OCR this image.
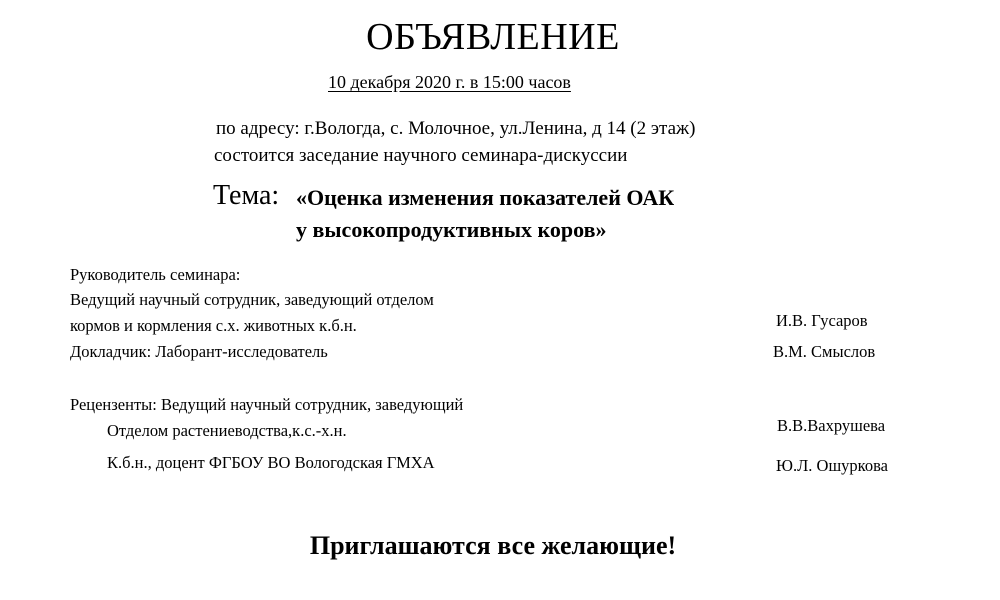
ОБЪЯВЛЕНИЕ
10 декабря 2020 г. в 15:00 часов
по адресу: г.Вологда, с. Молочное, ул.Ленина, д 14 (2 этаж)
состоится заседание научного семинара-дискуссии
Тема: «Оценка изменения показателей ОАК
у высокопродуктивных коров»
Руководитель семинара:
Ведущий научный сотрудник, заведующий отделом
кормов и кормления с.х. животных к.б.н.	И.В. Гусаров
Докладчик: Лаборант-исследователь	В.М. Смыслов
Рецензенты: Ведущий научный сотрудник, заведующий
Отделом растениеводства,к.с.-х.н.	В.В.Вахрушева
К.б.н., доцент ФГБОУ ВО Вологодская ГМХА	Ю.Л. Ошуркова
Приглашаются все желающие!
